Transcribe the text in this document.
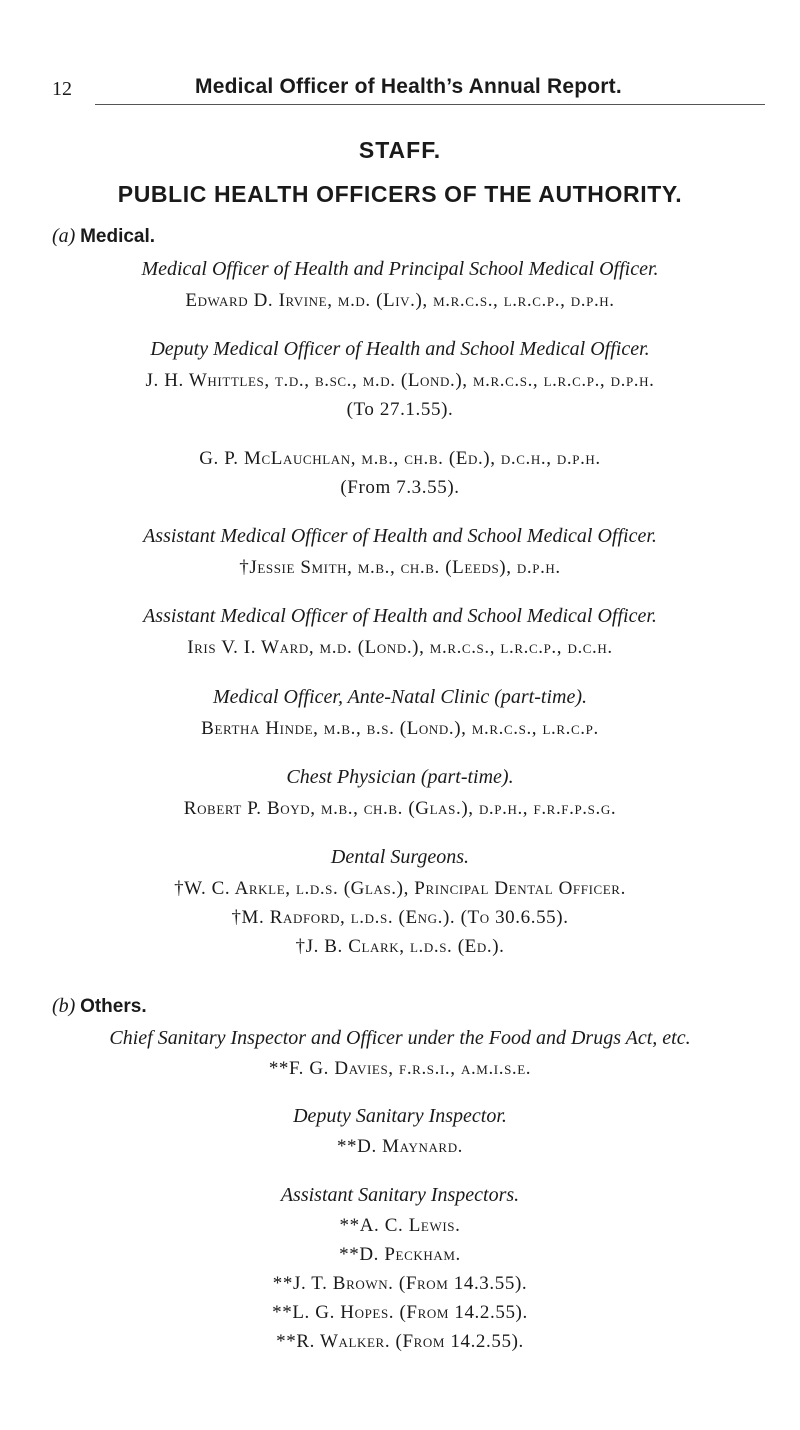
12	Medical Officer of Health’s Annual Report.
STAFF.
PUBLIC HEALTH OFFICERS OF THE AUTHORITY.
(a) Medical.
Medical Officer of Health and Principal School Medical Officer.
Edward D. Irvine, m.d. (Liv.), m.r.c.s., l.r.c.p., d.p.h.
Deputy Medical Officer of Health and School Medical Officer.
J. H. Whittles, t.d., b.sc., m.d. (Lond.), m.r.c.s., l.r.c.p., d.p.h.
(To 27.1.55).
G. P. McLauchlan, m.b., ch.b. (Ed.), d.c.h., d.p.h.
(From 7.3.55).
Assistant Medical Officer of Health and School Medical Officer.
†Jessie Smith, m.b., ch.b. (Leeds), d.p.h.
Assistant Medical Officer of Health and School Medical Officer.
Iris V. I. Ward, m.d. (Lond.), m.r.c.s., l.r.c.p., d.c.h.
Medical Officer, Ante-Natal Clinic (part-time).
Bertha Hinde, m.b., b.s. (Lond.), m.r.c.s., l.r.c.p.
Chest Physician (part-time).
Robert P. Boyd, m.b., ch.b. (Glas.), d.p.h., f.r.f.p.s.g.
Dental Surgeons.
†W. C. Arkle, l.d.s. (Glas.), Principal Dental Officer.
†M. Radford, l.d.s. (Eng.). (To 30.6.55).
†J. B. Clark, l.d.s. (Ed.).
(b) Others.
Chief Sanitary Inspector and Officer under the Food and Drugs Act, etc.
**F. G. Davies, f.r.s.i., a.m.i.s.e.
Deputy Sanitary Inspector.
**D. Maynard.
Assistant Sanitary Inspectors.
**A. C. Lewis.
**D. Peckham.
**J. T. Brown. (From 14.3.55).
**L. G. Hopes. (From 14.2.55).
**R. Walker. (From 14.2.55).
